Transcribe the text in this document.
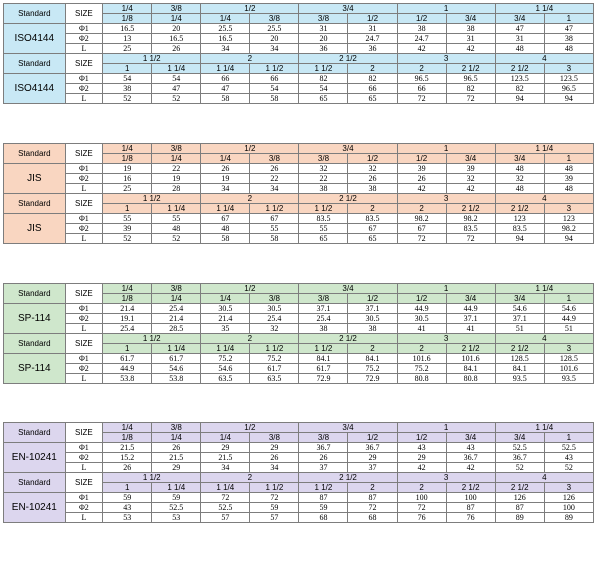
Standard	SIZE	1/4	3/8	1/2		3/4		1		1 1/4	
		1/8	1/4	1/4	3/8	3/8	1/2	1/2	3/4	3/4	1
ISO4144	Φ1	16.5	20	25.5	25.5	31	31	38	38	47	47
	Φ2	13	16.5	16.5	20	20	24.7	24.7	31	31	38
	L	25	26	34	34	36	36	42	42	48	48
Standard	SIZE	1 1/2		2		2 1/2		3		4	
		1	1 1/4	1 1/4	1 1/2	1 1/2	2	2	2 1/2	2 1/2	3
ISO4144	Φ1	54	54	66	66	82	82	96.5	96.5	123.5	123.5
	Φ2	38	47	47	54	54	66	66	82	82	96.5
	L	52	52	58	58	65	65	72	72	94	94
Standard	SIZE	1/4	3/8	1/2		3/4		1		1 1/4	
		1/8	1/4	1/4	3/8	3/8	1/2	1/2	3/4	3/4	1
JIS	Φ1	19	22	26	26	32	32	39	39	48	48
	Φ2	16	19	19	22	22	26	26	32	32	39
	L	25	28	34	34	38	38	42	42	48	48
Standard	SIZE	1 1/2		2		2 1/2		3		4	
		1	1 1/4	1 1/4	1 1/2	1 1/2	2	2	2 1/2	2 1/2	3
JIS	Φ1	55	55	67	67	83.5	83.5	98.2	98.2	123	123
	Φ2	39	48	48	55	55	67	67	83.5	83.5	98.2
	L	52	52	58	58	65	65	72	72	94	94
Standard	SIZE	1/4	3/8	1/2		3/4		1		1 1/4	
		1/8	1/4	1/4	3/8	3/8	1/2	1/2	3/4	3/4	1
SP-114	Φ1	21.4	25.4	30.5	30.5	37.1	37.1	44.9	44.9	54.6	54.6
	Φ2	19.1	21.4	21.4	25.4	25.4	30.5	30.5	37.1	37.1	44.9
	L	25.4	28.5	35	32	38	38	41	41	51	51
Standard	SIZE	1 1/2		2		2 1/2		3		4	
		1	1 1/4	1 1/4	1 1/2	1 1/2	2	2	2 1/2	2 1/2	3
SP-114	Φ1	61.7	61.7	75.2	75.2	84.1	84.1	101.6	101.6	128.5	128.5
	Φ2	44.9	54.6	54.6	61.7	61.7	75.2	75.2	84.1	84.1	101.6
	L	53.8	53.8	63.5	63.5	72.9	72.9	80.8	80.8	93.5	93.5
Standard	SIZE	1/4	3/8	1/2		3/4		1		1 1/4	
		1/8	1/4	1/4	3/8	3/8	1/2	1/2	3/4	3/4	1
EN-10241	Φ1	21.5	26	29	29	36.7	36.7	43	43	52.5	52.5
	Φ2	15.2	21.5	21.5	26	26	29	29	36.7	36.7	43
	L	26	29	34	34	37	37	42	42	52	52
Standard	SIZE	1 1/2		2		2 1/2		3		4	
		1	1 1/4	1 1/4	1 1/2	1 1/2	2	2	2 1/2	2 1/2	3
EN-10241	Φ1	59	59	72	72	87	87	100	100	126	126
	Φ2	43	52.5	52.5	59	59	72	72	87	87	100
	L	53	53	57	57	68	68	76	76	89	89
